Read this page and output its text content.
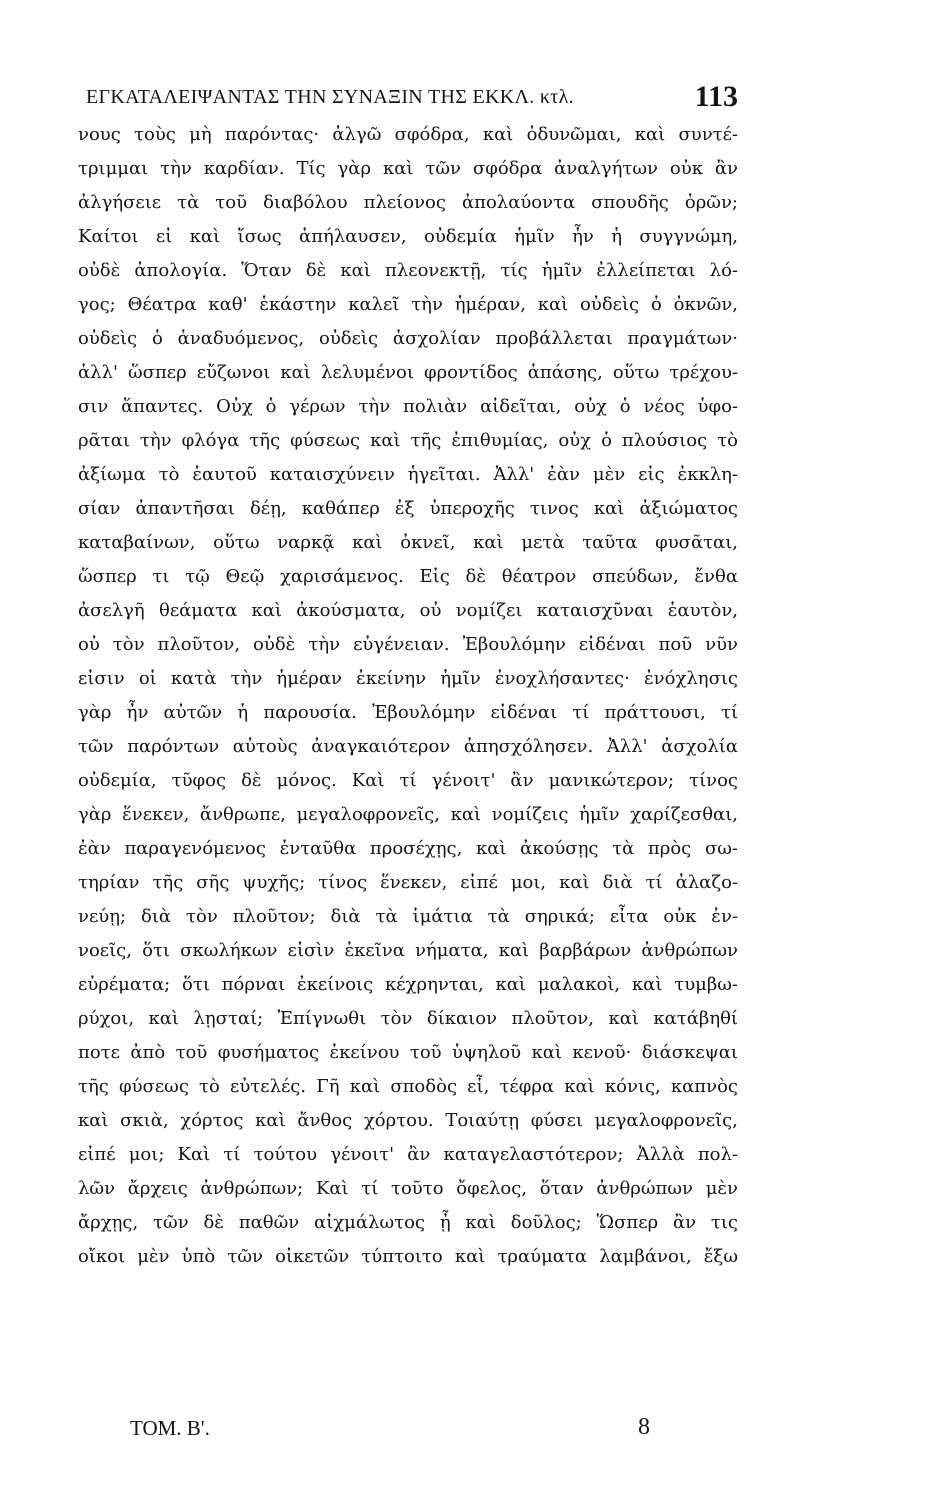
ΕΓΚΑΤΑΛΕΙΨΑΝΤΑΣ ΤΗΝ ΣΥΝΑΞΙΝ ΤΗΣ ΕΚΚΛ. κτλ.	113
νους τοὺς μὴ παρόντας· ἀλγῶ σφόδρα, καὶ ὀδυνῶμαι, καὶ συντέ-
τριμμαι τὴν καρδίαν. Τίς γὰρ καὶ τῶν σφόδρα ἀναλγήτων οὐκ ἂν
ἀλγήσειε τὰ τοῦ διαβόλου πλείονος ἀπολαύοντα σπουδῆς ὁρῶν;
Καίτοι εἰ καὶ ἴσως ἀπήλαυσεν, οὐδεμία ἡμῖν ἦν ἡ συγγνώμη,
οὐδὲ ἀπολογία. Ὅταν δὲ καὶ πλεονεκτῇ, τίς ἡμῖν ἐλλείπεται λό-
γος; Θέατρα καθ' ἑκάστην καλεῖ τὴν ἡμέραν, καὶ οὐδεὶς ὁ ὀκνῶν,
οὐδεὶς ὁ ἀναδυόμενος, οὐδεὶς ἀσχολίαν προβάλλεται πραγμάτων·
ἀλλ' ὥσπερ εὔζωνοι καὶ λελυμένοι φροντίδος ἁπάσης, οὕτω τρέχου-
σιν ἅπαντες. Οὐχ ὁ γέρων τὴν πολιὰν αἰδεῖται, οὐχ ὁ νέος ὑφο-
ρᾶται τὴν φλόγα τῆς φύσεως καὶ τῆς ἐπιθυμίας, οὐχ ὁ πλούσιος τὸ
ἀξίωμα τὸ ἑαυτοῦ καταισχύνειν ἡγεῖται. Ἀλλ' ἐὰν μὲν εἰς ἐκκλη-
σίαν ἀπαντῆσαι δέῃ, καθάπερ ἐξ ὑπεροχῆς τινος καὶ ἀξιώματος
καταβαίνων, οὕτω ναρκᾷ καὶ ὀκνεῖ, καὶ μετὰ ταῦτα φυσᾶται,
ὥσπερ τι τῷ Θεῷ χαρισάμενος. Εἰς δὲ θέατρον σπεύδων, ἔνθα
ἀσελγῆ θεάματα καὶ ἀκούσματα, οὐ νομίζει καταισχῦναι ἑαυτὸν,
οὐ τὸν πλοῦτον, οὐδὲ τὴν εὐγένειαν. Ἐβουλόμην εἰδέναι ποῦ νῦν
εἰσιν οἱ κατὰ τὴν ἡμέραν ἐκείνην ἡμῖν ἐνοχλήσαντες· ἐνόχλησις
γὰρ ἦν αὐτῶν ἡ παρουσία. Ἐβουλόμην εἰδέναι τί πράττουσι, τί
τῶν παρόντων αὐτοὺς ἀναγκαιότερον ἀπησχόλησεν. Ἀλλ' ἀσχολία
οὐδεμία, τῦφος δὲ μόνος. Καὶ τί γένοιτ' ἂν μανικώτερον; τίνος
γὰρ ἕνεκεν, ἄνθρωπε, μεγαλοφρονεῖς, καὶ νομίζεις ἡμῖν χαρίζεσθαι,
ἐὰν παραγενόμενος ἐνταῦθα προσέχῃς, καὶ ἀκούσῃς τὰ πρὸς σω-
τηρίαν τῆς σῆς ψυχῆς; τίνος ἕνεκεν, εἰπέ μοι, καὶ διὰ τί ἀλαζο-
νεύῃ; διὰ τὸν πλοῦτον; διὰ τὰ ἱμάτια τὰ σηρικά; εἶτα οὐκ ἐν-
νοεῖς, ὅτι σκωλήκων εἰσὶν ἐκεῖνα νήματα, καὶ βαρβάρων ἀνθρώπων
εὑρέματα; ὅτι πόρναι ἐκείνοις κέχρηνται, καὶ μαλακοὶ, καὶ τυμβω-
ρύχοι, καὶ λῃσταί; Ἐπίγνωθι τὸν δίκαιον πλοῦτον, καὶ κατάβηθί
ποτε ἀπὸ τοῦ φυσήματος ἐκείνου τοῦ ὑψηλοῦ καὶ κενοῦ· διάσκεψαι
τῆς φύσεως τὸ εὐτελές. Γῆ καὶ σποδὸς εἶ, τέφρα καὶ κόνις, καπνὸς
καὶ σκιὰ, χόρτος καὶ ἄνθος χόρτου. Τοιαύτῃ φύσει μεγαλοφρονεῖς,
εἰπέ μοι; Καὶ τί τούτου γένοιτ' ἂν καταγελαστότερον; Ἀλλὰ πολ-
λῶν ἄρχεις ἀνθρώπων; Καὶ τί τοῦτο ὄφελος, ὅταν ἀνθρώπων μὲν
ἄρχῃς, τῶν δὲ παθῶν αἰχμάλωτος ᾖ καὶ δοῦλος; Ὥσπερ ἂν τις
οἴκοι μὲν ὑπὸ τῶν οἰκετῶν τύπτοιτο καὶ τραύματα λαμβάνοι, ἔξω
ΤΟΜ. Β'.	8
